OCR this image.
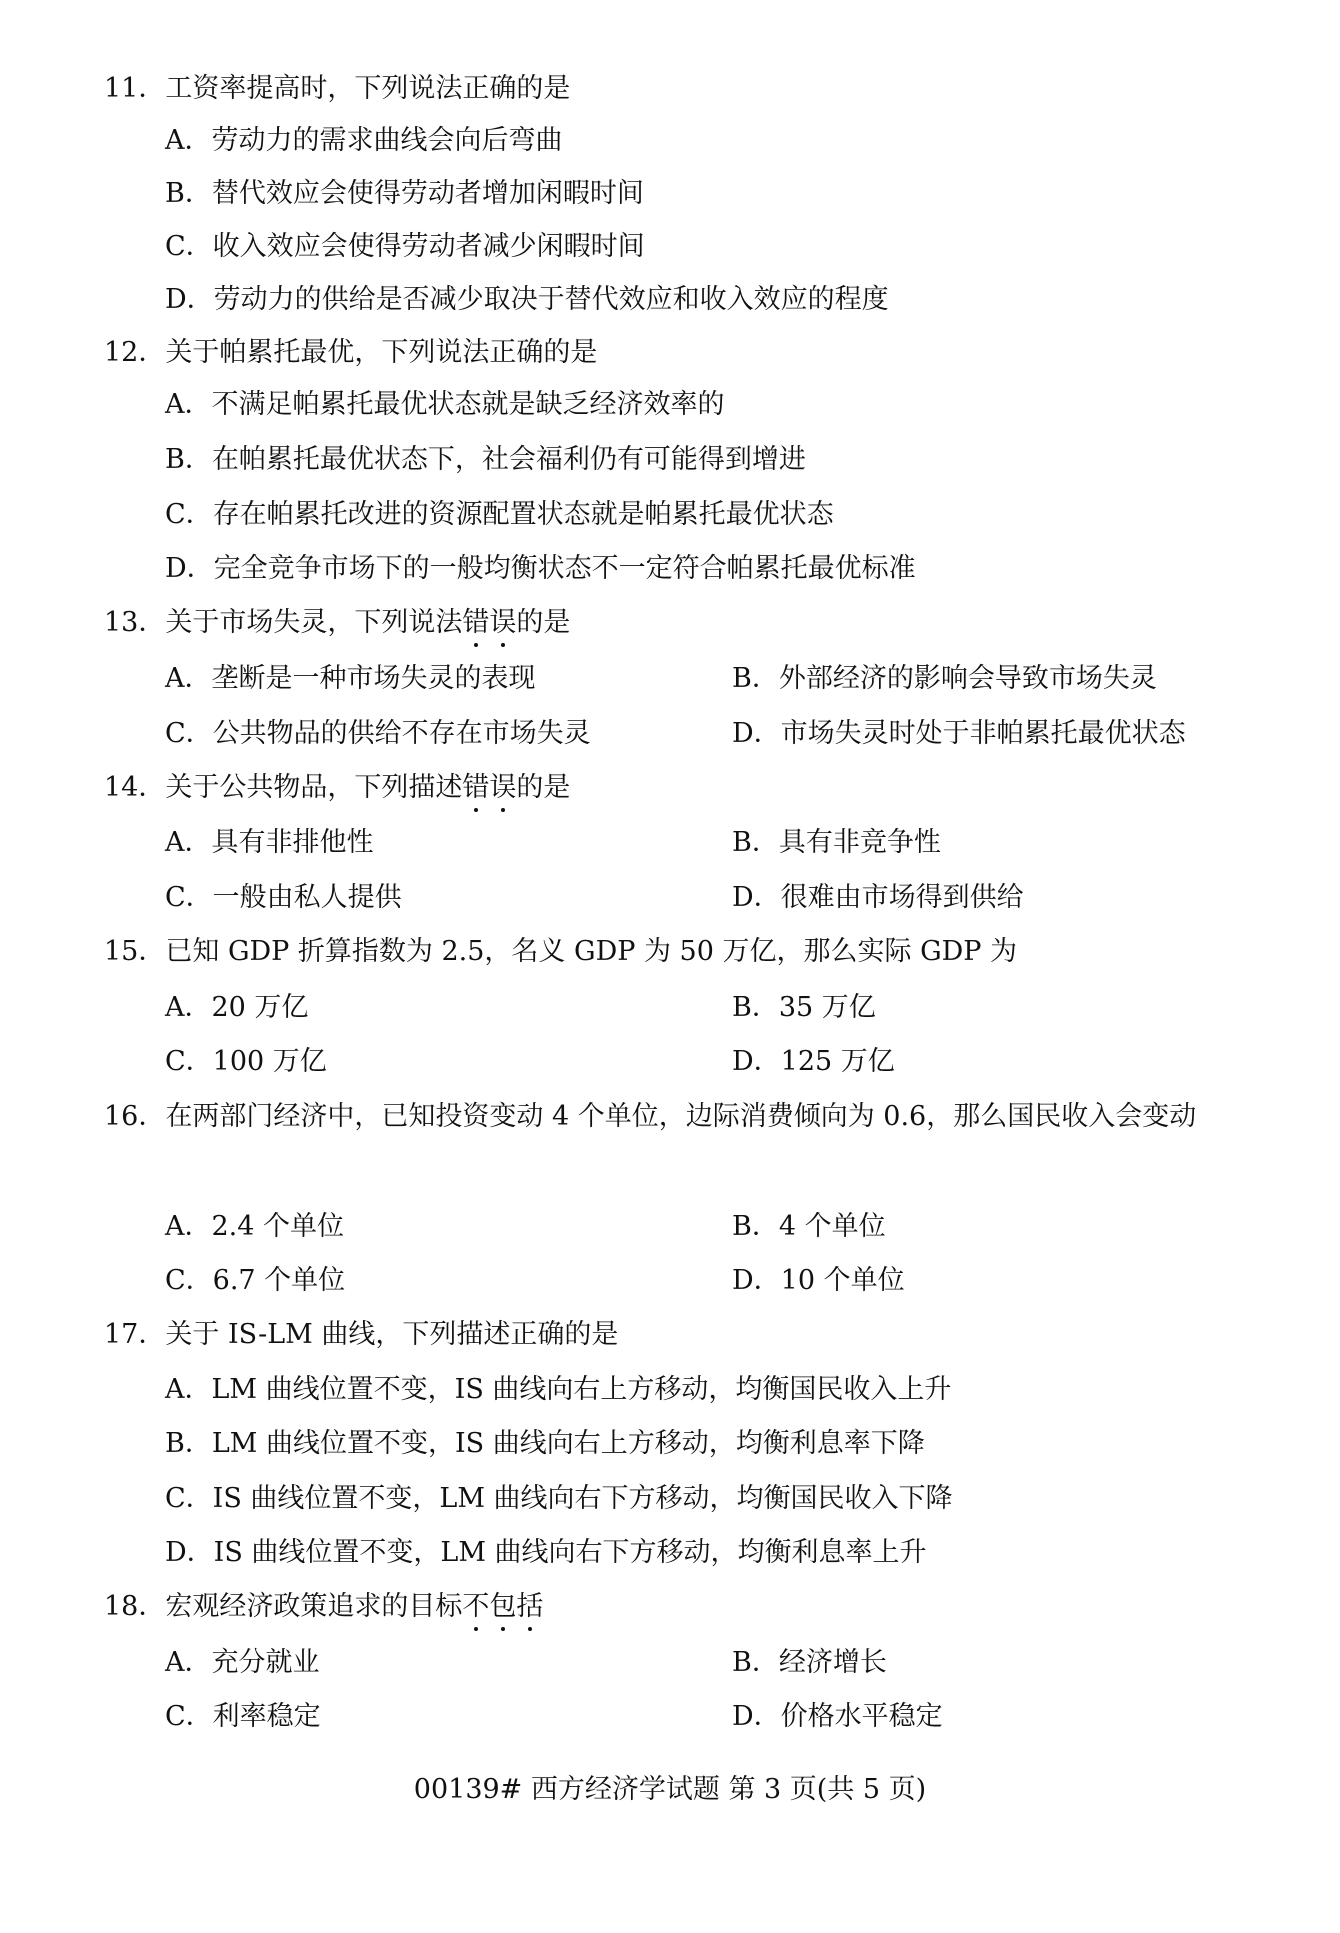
11．工资率提高时，下列说法正确的是
A．劳动力的需求曲线会向后弯曲
B．替代效应会使得劳动者增加闲暇时间
C．收入效应会使得劳动者减少闲暇时间
D．劳动力的供给是否减少取决于替代效应和收入效应的程度
12．关于帕累托最优，下列说法正确的是
A．不满足帕累托最优状态就是缺乏经济效率的
B．在帕累托最优状态下，社会福利仍有可能得到增进
C．存在帕累托改进的资源配置状态就是帕累托最优状态
D．完全竞争市场下的一般均衡状态不一定符合帕累托最优标准
13．关于市场失灵，下列说法错误的是
A．垄断是一种市场失灵的表现	B．外部经济的影响会导致市场失灵
C．公共物品的供给不存在市场失灵	D．市场失灵时处于非帕累托最优状态
14．关于公共物品，下列描述错误的是
A．具有非排他性	B．具有非竞争性
C．一般由私人提供	D．很难由市场得到供给
15．已知 GDP 折算指数为 2.5，名义 GDP 为 50 万亿，那么实际 GDP 为
A．20 万亿	B．35 万亿
C．100 万亿	D．125 万亿
16．在两部门经济中，已知投资变动 4 个单位，边际消费倾向为 0.6，那么国民收入会变动
A．2.4 个单位	B．4 个单位
C．6.7 个单位	D．10 个单位
17．关于 IS-LM 曲线，下列描述正确的是
A．LM 曲线位置不变，IS 曲线向右上方移动，均衡国民收入上升
B．LM 曲线位置不变，IS 曲线向右上方移动，均衡利息率下降
C．IS 曲线位置不变，LM 曲线向右下方移动，均衡国民收入下降
D．IS 曲线位置不变，LM 曲线向右下方移动，均衡利息率上升
18．宏观经济政策追求的目标不包括
A．充分就业	B．经济增长
C．利率稳定	D．价格水平稳定
00139# 西方经济学试题 第 3 页(共 5 页)
